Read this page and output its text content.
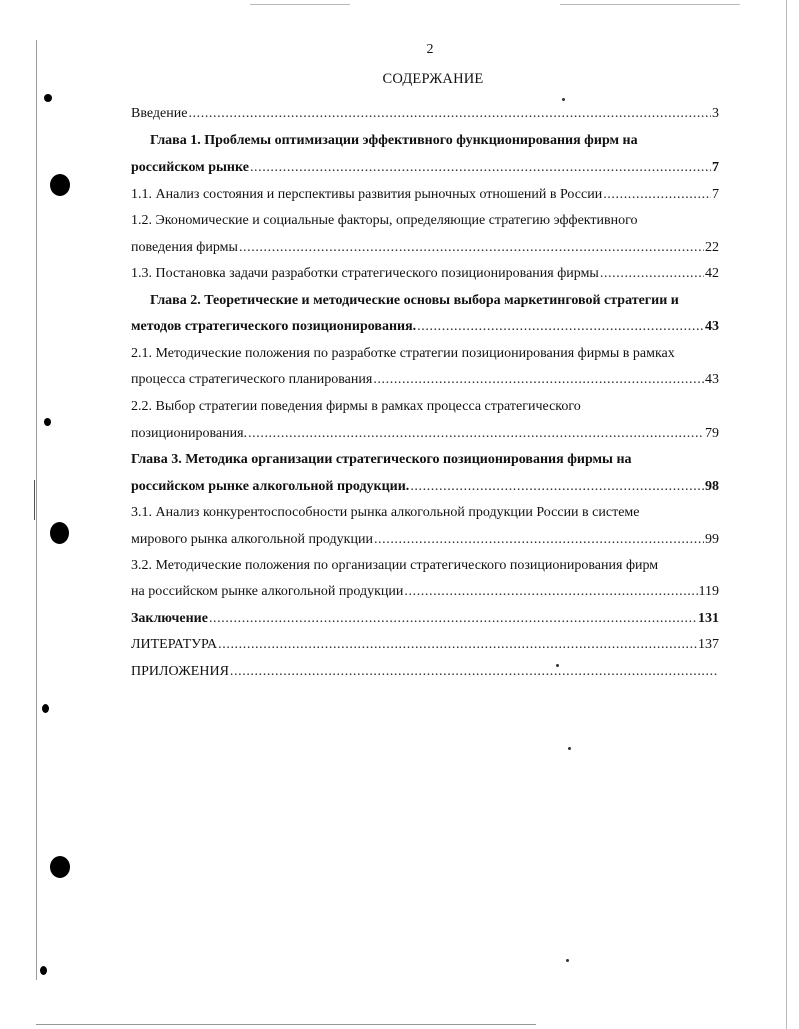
2
СОДЕРЖАНИЕ
Введение .....	3
Глава 1. Проблемы оптимизации эффективного функционирования фирм на
российском рынке .....	7
1.1. Анализ состояния и перспективы развития рыночных отношений в России .....	7
1.2. Экономические и социальные факторы, определяющие стратегию эффективного
поведения фирмы .....	22
1.3. Постановка задачи разработки стратегического позиционирования фирмы .....	42
Глава 2. Теоретические и методические основы выбора маркетинговой стратегии и
методов стратегического позиционирования. .....	43
2.1. Методические положения по разработке стратегии позиционирования фирмы в рамках
процесса стратегического планирования .....	43
2.2. Выбор стратегии поведения фирмы в рамках процесса стратегического
позиционирования. .....	79
Глава 3. Методика организации стратегического позиционирования фирмы на
российском рынке алкогольной продукции. .....	98
3.1. Анализ конкурентоспособности рынка алкогольной продукции России в системе
мирового рынка алкогольной продукции .....	99
3.2. Методические положения по организации стратегического позиционирования фирм
на российском рынке алкогольной продукции .....	119
Заключение .....	131
ЛИТЕРАТУРА .....	137
ПРИЛОЖЕНИЯ
.....
